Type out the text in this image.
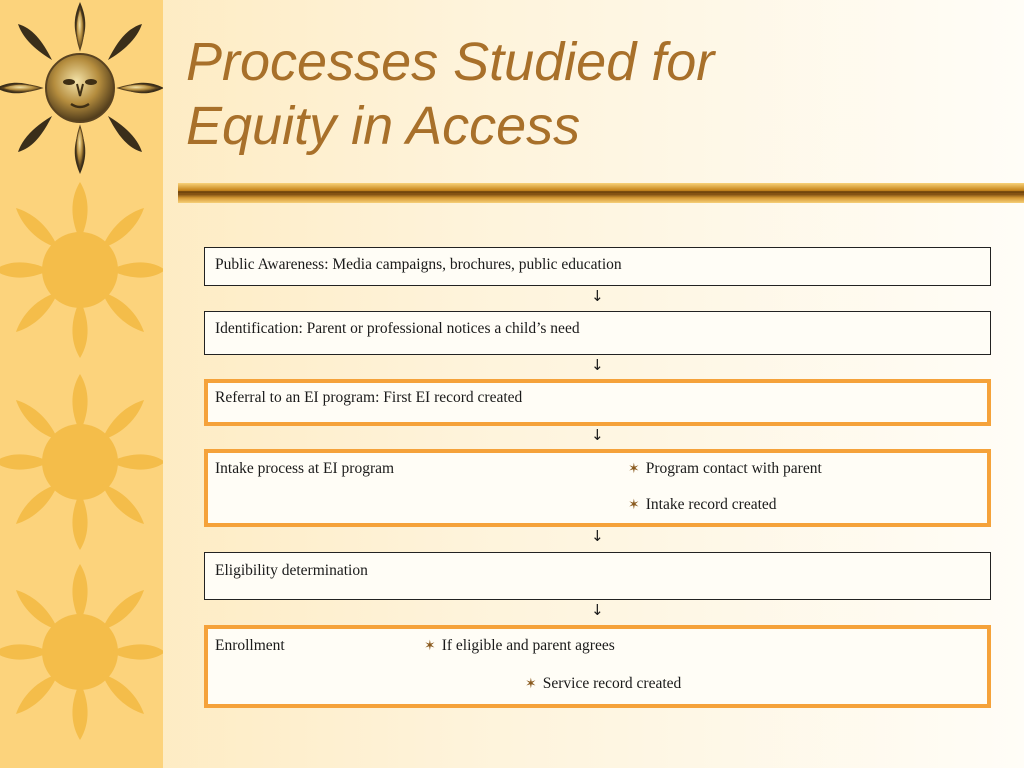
Processes Studied for
Equity in Access
Public Awareness: Media campaigns, brochures, public education
↓
Identification: Parent or professional notices a child’s need
↓
Referral to an EI program: First EI record created
↓
Intake process at EI program	✶ Program contact with parent
✶ Intake record created
↓
Eligibility determination
↓
Enrollment	✶ If eligible and parent agrees
✶ Service record created
